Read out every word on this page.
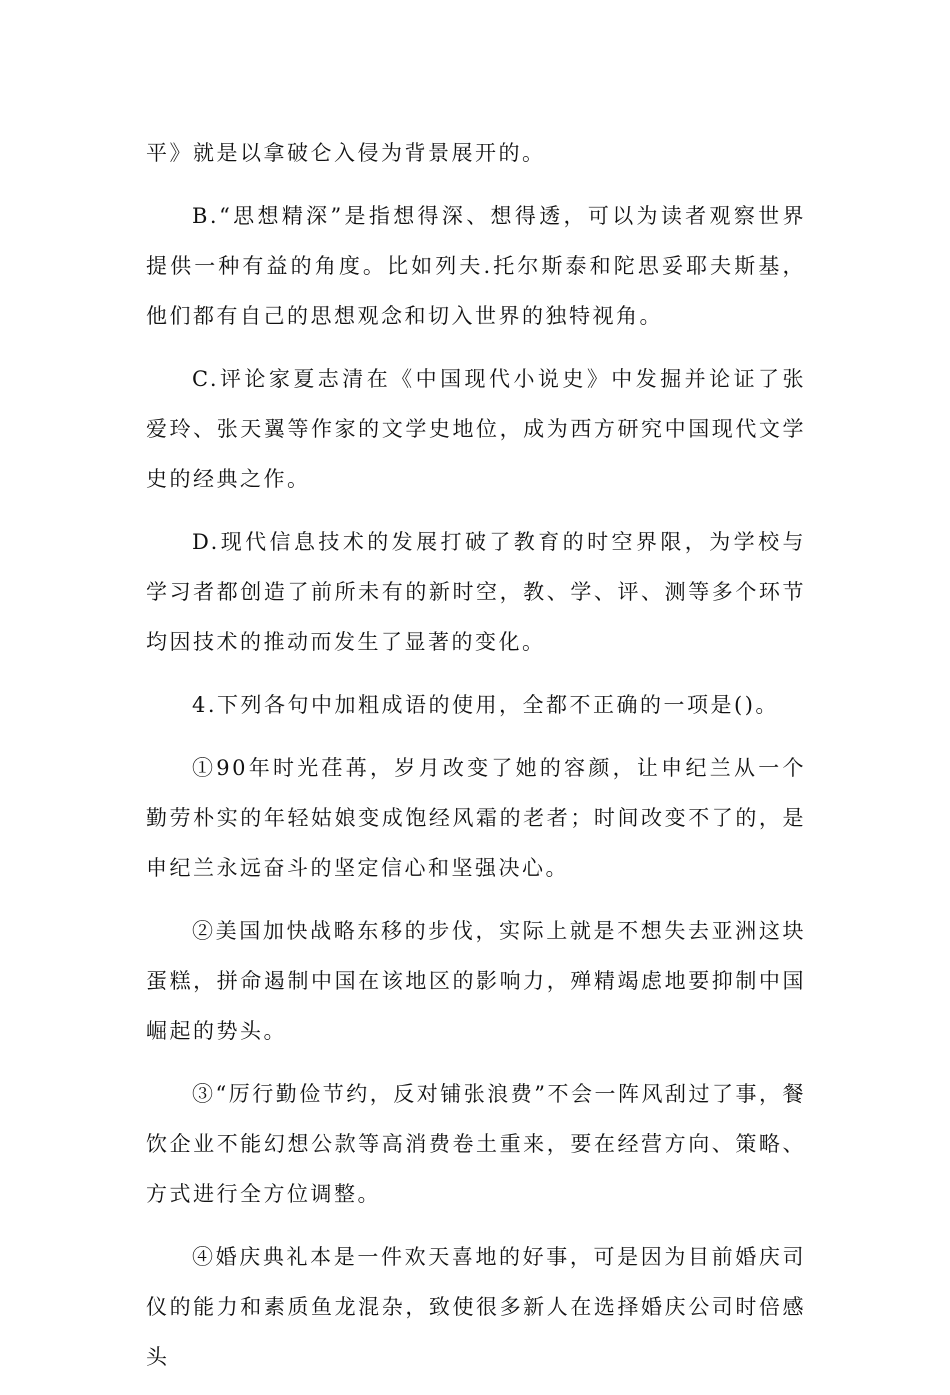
平》就是以拿破仑入侵为背景展开的。

B.“思想精深”是指想得深、想得透，可以为读者观察世界提供一种有益的角度。比如列夫.托尔斯泰和陀思妥耶夫斯基，他们都有自己的思想观念和切入世界的独特视角。

C.评论家夏志清在《中国现代小说史》中发掘并论证了张爱玲、张天翼等作家的文学史地位，成为西方研究中国现代文学史的经典之作。

D.现代信息技术的发展打破了教育的时空界限，为学校与学习者都创造了前所未有的新时空，教、学、评、测等多个环节均因技术的推动而发生了显著的变化。

4.下列各句中加粗成语的使用，全都不正确的一项是()。

①90年时光荏苒，岁月改变了她的容颜，让申纪兰从一个勤劳朴实的年轻姑娘变成饱经风霜的老者；时间改变不了的，是申纪兰永远奋斗的坚定信心和坚强决心。

②美国加快战略东移的步伐，实际上就是不想失去亚洲这块蛋糕，拼命遏制中国在该地区的影响力，殚精竭虑地要抑制中国崛起的势头。

③“厉行勤俭节约，反对铺张浪费”不会一阵风刮过了事，餐饮企业不能幻想公款等高消费卷土重来，要在经营方向、策略、方式进行全方位调整。

④婚庆典礼本是一件欢天喜地的好事，可是因为目前婚庆司仪的能力和素质鱼龙混杂，致使很多新人在选择婚庆公司时倍感头
